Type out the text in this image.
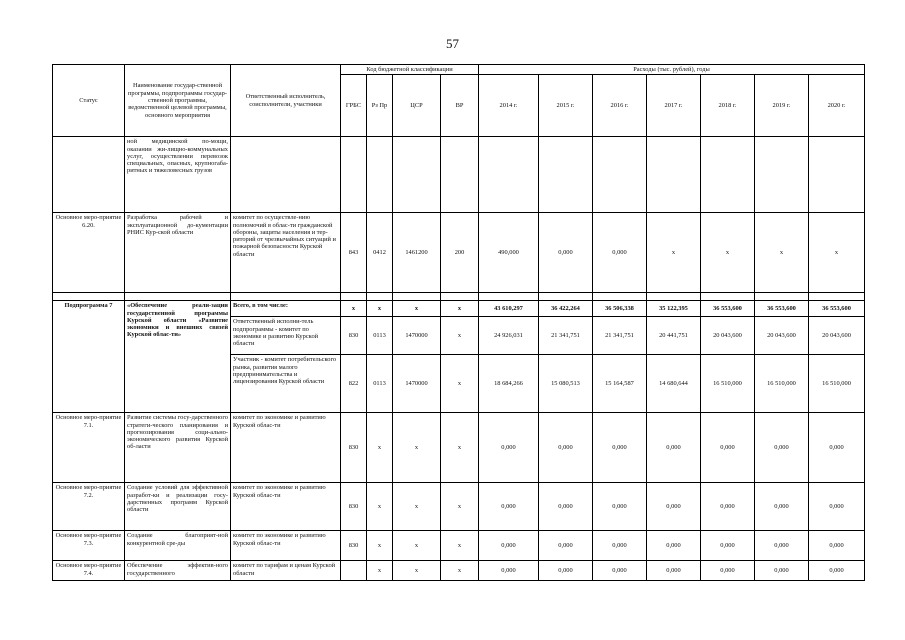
57
Статус	Наименование государ-ственной программы, подпрограммы государ-ственной программы, ведомственной целевой программы, основного мероприятия	Ответственный исполнитель, соисполнители, участники	Код бюджетной классификации				Расходы (тыс. рублей), годы						
			ГРБС	Рз Пр	ЦСР	ВР	2014 г.	2015 г.	2016 г.	2017 г.	2018 г.	2019 г.	2020 г.
	ной медицинской по-мощи, оказании жи-лищно-коммунальных услуг, осуществлении перевозок специальных, опасных, крупногаба-ритных и тяжеловесных грузов												
Основное меро-приятие 6.20.	Разработка рабочей и эксплуатационной до-кументации РНИС Кур-ской области	комитет по осуществле-нию полномочий в облас-ти гражданской обороны, защиты населения и тер-риторий от чрезвычайных ситуаций и пожарной безопасности Курской области	843	0412	1461200	200	490,000	0,000	0,000	x	x	x	x

Подпрограмма 7	«Обеспечение реали-зации государственной программы Курской области «Развитие экономики и внешних связей Курской облас-ти»	Всего, в том числе:	x	x	x	x	43 610,297	36 422,264	36 506,338	35 122,395	36 553,600	36 553,600	36 553,600
		Ответственный исполни-тель подпрограммы - комитет по экономике и развитию Курской области	830	0113	1470000	x	24 926,031	21 341,751	21 341,751	20 441,751	20 043,600	20 043,600	20 043,600
		Участник - комитет потребительского рынка, развития малого предпринимательства и лицензирования Курской области	822	0113	1470000	x	18 684,266	15 080,513	15 164,587	14 680,644	16 510,000	16 510,000	16 510,000
Основное меро-приятие 7.1.	Развитие системы госу-дарственного стратеги-ческого планирования и прогнозирования соци-ально-экономического развития Курской об-ласти	комитет по экономике и развитию Курской облас-ти	830	x	x	x	0,000	0,000	0,000	0,000	0,000	0,000	0,000
Основное меро-приятие 7.2.	Создание условий для эффективной разработ-ки и реализации госу-дарственных программ Курской области	комитет по экономике и развитию Курской облас-ти	830	x	x	x	0,000	0,000	0,000	0,000	0,000	0,000	0,000
Основное меро-приятие 7.3.	Создание благоприят-ной конкурентной сре-ды	комитет по экономике и развитию Курской облас-ти	830	x	x	x	0,000	0,000	0,000	0,000	0,000	0,000	0,000
Основное меро-приятие 7.4.	Обеспечение эффектив-ного государственного	комитет по тарифам и ценам Курской области		x	x	x	0,000	0,000	0,000	0,000	0,000	0,000	0,000
